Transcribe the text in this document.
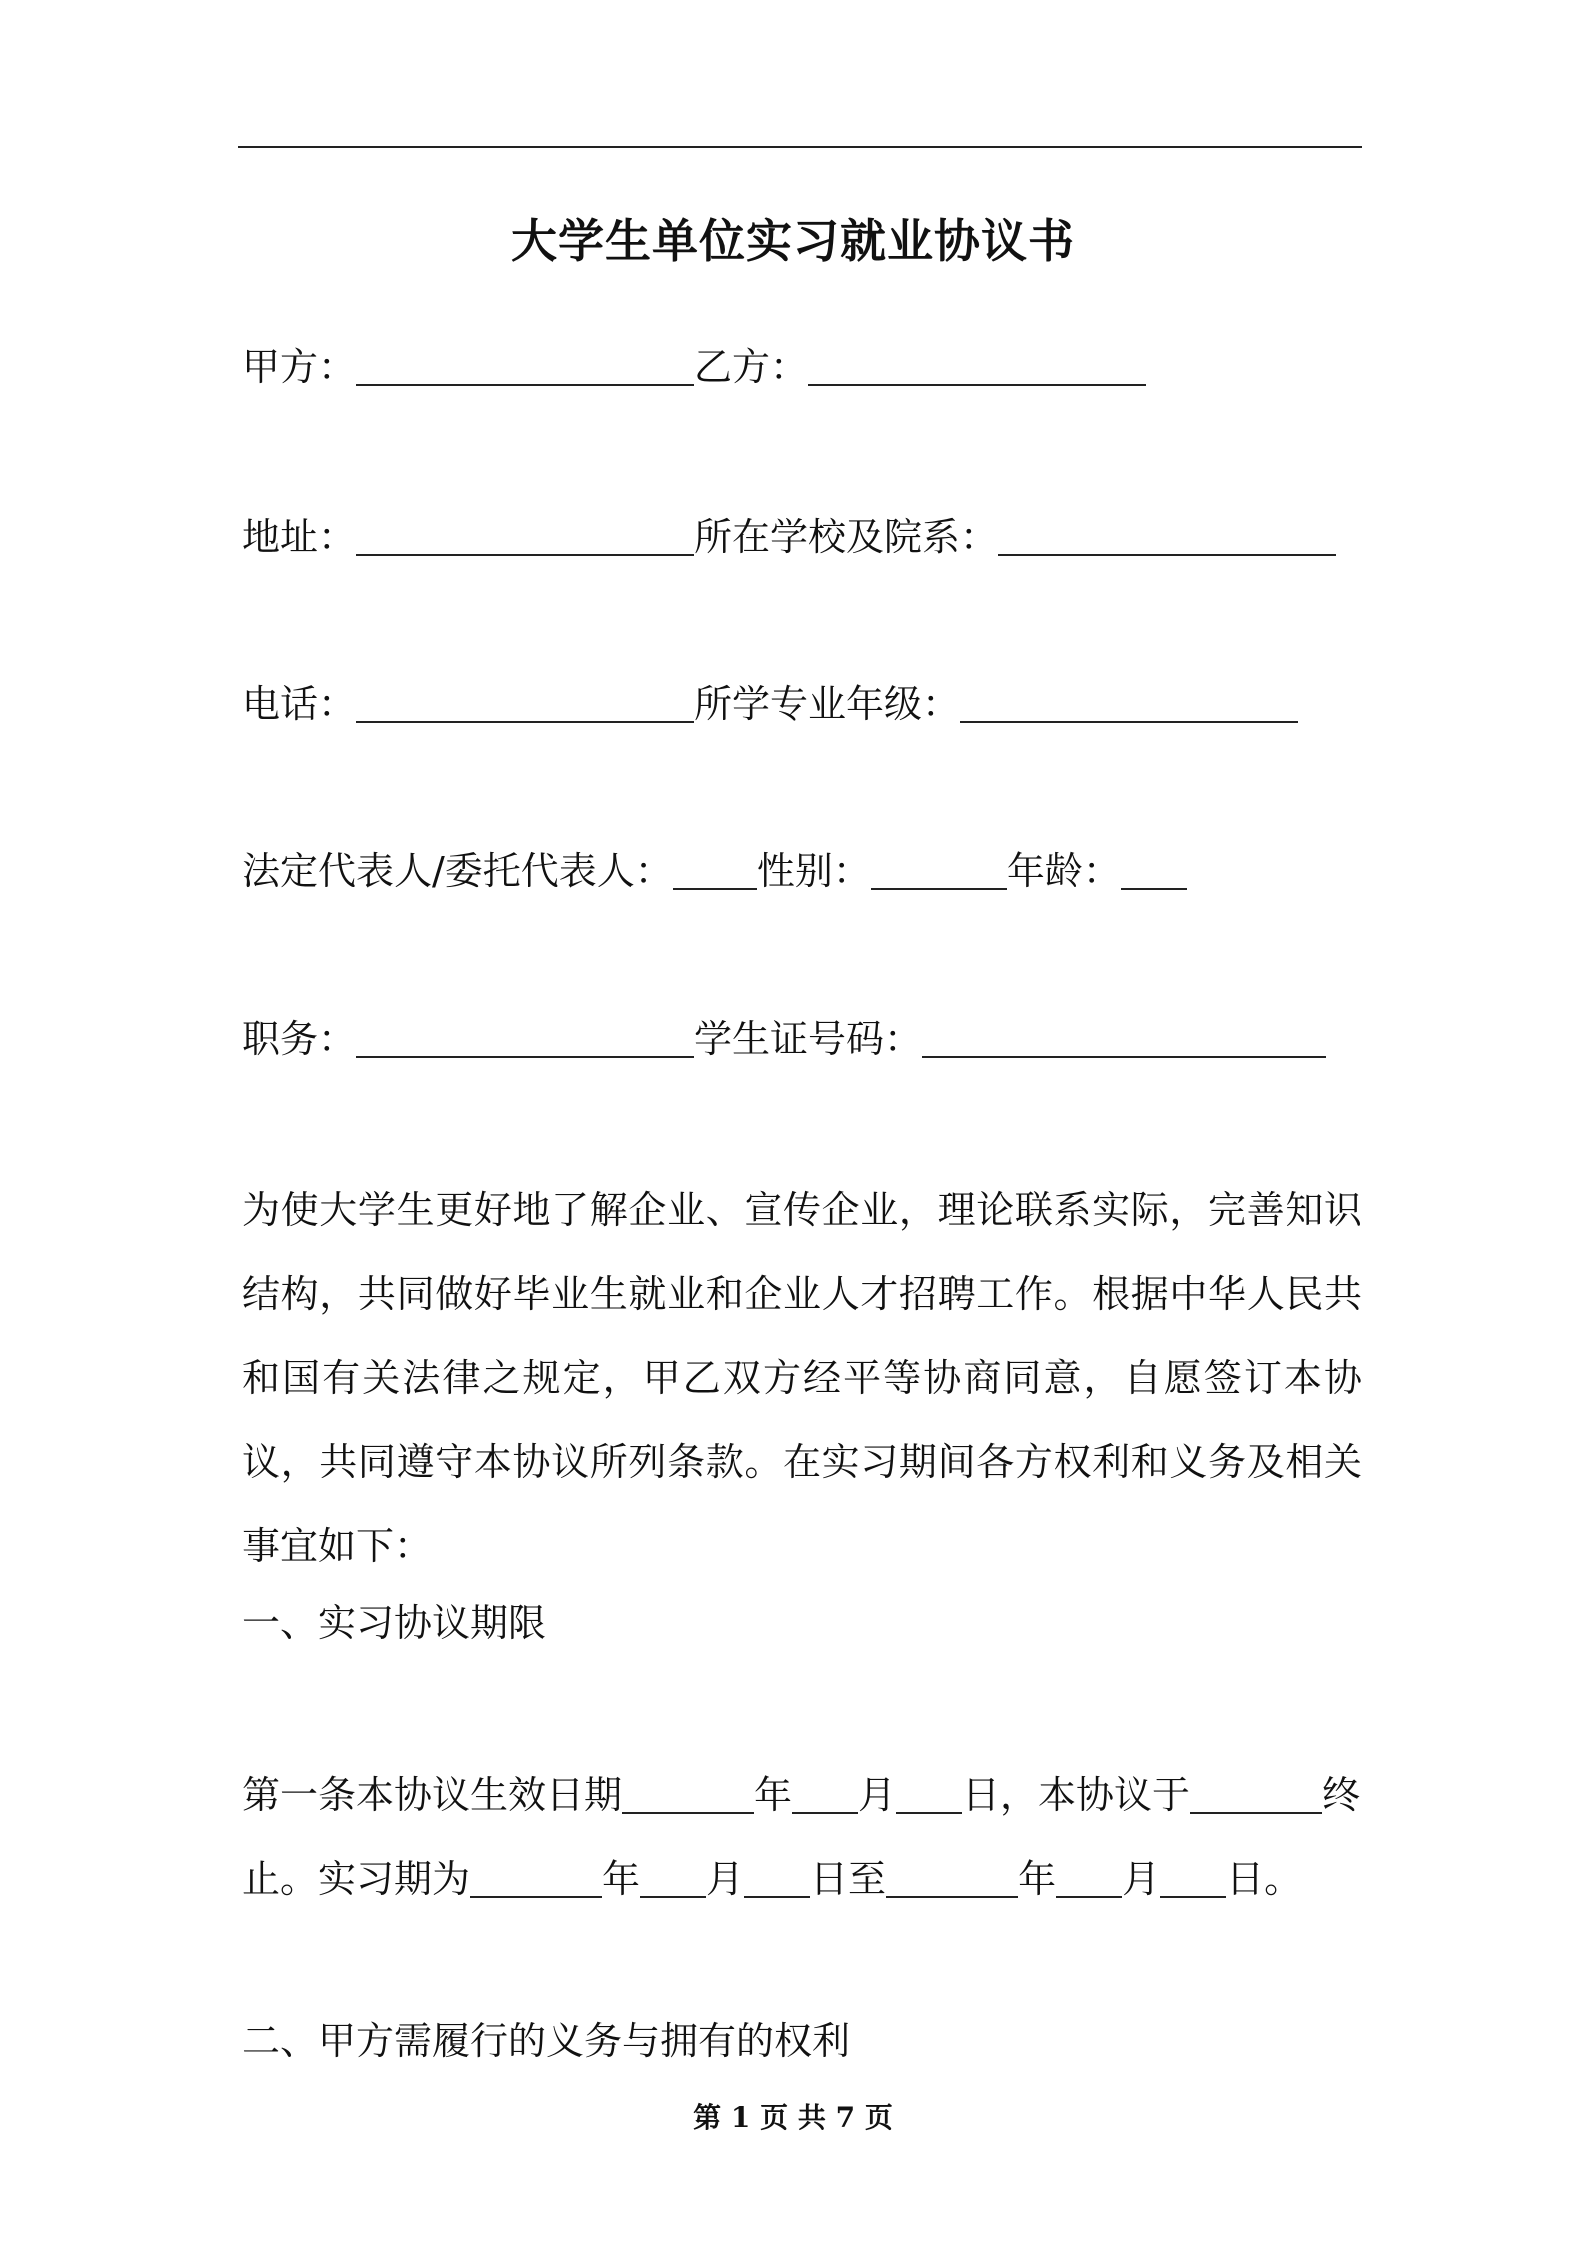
大学生单位实习就业协议书
甲方：	乙方：
地址：	所在学校及院系：
电话：	所学专业年级：
法定代表人/委托代表人： 性别：	年龄：
职务：	学生证号码：
为使大学生更好地了解企业、宣传企业，理论联系实际，完善知识结构，共同做好毕业生就业和企业人才招聘工作。根据中华人民共和国有关法律之规定，甲乙双方经平等协商同意，自愿签订本协议，共同遵守本协议所列条款。在实习期间各方权利和义务及相关事宜如下：
一、实习协议期限
第一条本协议生效日期	年 月 日，本协议于	终
止。实习期为	年 月 日至	年 月 日。
二、甲方需履行的义务与拥有的权利
第 1 页 共 7 页
